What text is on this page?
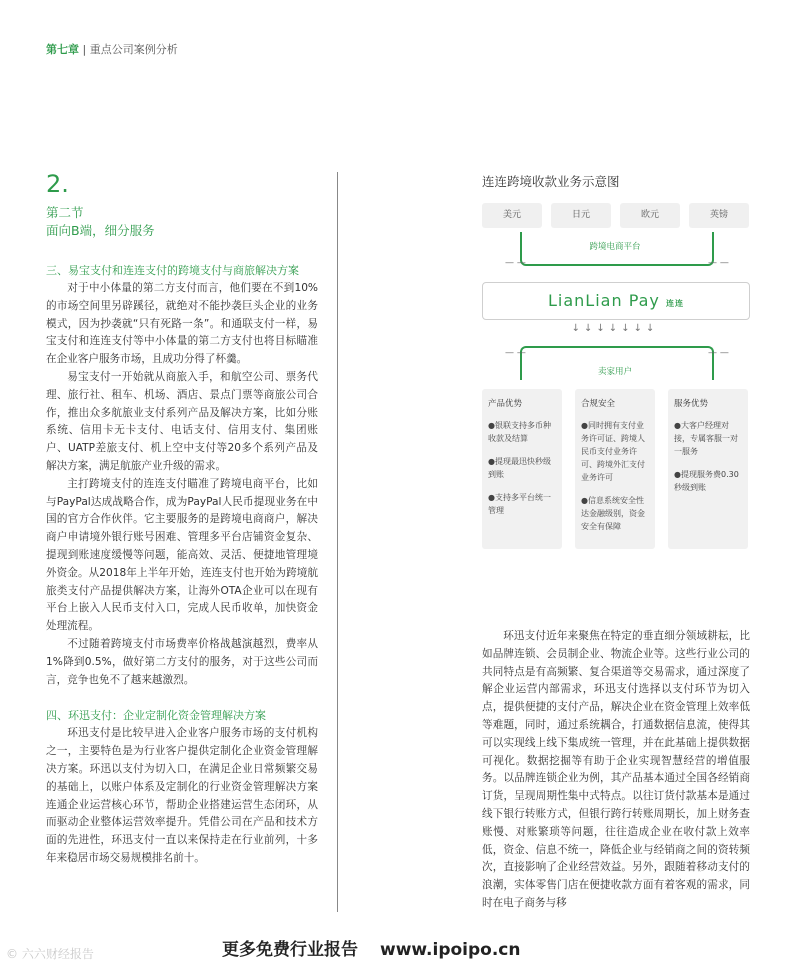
第七章 | 重点公司案例分析
2.
第二节
面向B端，细分服务
三、易宝支付和连连支付的跨境支付与商旅解决方案

对于中小体量的第二方支付而言，他们要在不到10%的市场空间里另辟蹊径，就绝对不能抄袭巨头企业的业务模式，因为抄袭就“只有死路一条”。和通联支付一样，易宝支付和连连支付等中小体量的第二方支付也将目标瞄准在企业客户服务市场，且成功分得了杯羹。

易宝支付一开始就从商旅入手，和航空公司、票务代理、旅行社、租车、机场、酒店、景点门票等商旅公司合作，推出众多航旅业支付系列产品及解决方案，比如分账系统、信用卡无卡支付、电话支付、信用支付、集团账户、UATP差旅支付、机上空中支付等20多个系列产品及解决方案，满足航旅产业升级的需求。

主打跨境支付的连连支付瞄准了跨境电商平台，比如与PayPal达成战略合作，成为PayPal人民币提现业务在中国的官方合作伙伴。它主要服务的是跨境电商商户，解决商户申请境外银行账号困难、管理多平台店铺资金复杂、提现到账速度缓慢等问题，能高效、灵活、便捷地管理境外资金。从2018年上半年开始，连连支付也开始为跨境航旅类支付产品提供解决方案，让海外OTA企业可以在现有平台上嵌入人民币支付入口，完成人民币收单，加快资金处理流程。

不过随着跨境支付市场费率价格战越演越烈，费率从1%降到0.5%，做好第二方支付的服务，对于这些公司而言，竞争也免不了越来越激烈。

四、环迅支付：企业定制化资金管理解决方案

环迅支付是比较早进入企业客户服务市场的支付机构之一，主要特色是为行业客户提供定制化企业资金管理解决方案。环迅以支付为切入口，在满足企业日常频繁交易的基础上，以账户体系及定制化的行业资金管理解决方案连通企业运营核心环节，帮助企业搭建运营生态闭环，从而驱动企业整体运营效率提升。凭借公司在产品和技术方面的先进性，环迅支付一直以来保持走在行业前列，十多年来稳居市场交易规模排名前十。

连连跨境收款业务示意图
美元	日元	欧元	英镑
跨境电商平台
— —	— —
LianLian Pay 连连
↓↓↓↓↓↓↓
卖家用户
— —	— —
产品优势
●银联支持多币种收款及结算
●提现最迅快秒级到账
●支持多平台统一管理
合规安全
●同时拥有支付业务许可证、跨境人民币支付业务许可、跨境外汇支付业务许可
●信息系统安全性达金融级别，资金安全有保障
服务优势
●大客户经理对接，专属客服一对一服务
●提现服务费0.30秒级到账

环迅支付近年来聚焦在特定的垂直细分领域耕耘，比如品牌连锁、会员制企业、物流企业等。这些行业公司的共同特点是有高频繁、复合渠道等交易需求，通过深度了解企业运营内部需求，环迅支付选择以支付环节为切入点，提供便捷的支付产品，解决企业在资金管理上效率低等难题，同时，通过系统耦合，打通数据信息流，使得其可以实现线上线下集成统一管理，并在此基础上提供数据可视化。数据挖掘等有助于企业实现智慧经营的增值服务。以品牌连锁企业为例，其产品基本通过全国各经销商订货，呈现周期性集中式特点。以往订货付款基本是通过线下银行转账方式，但银行跨行转账周期长，加上财务查账慢、对账繁琐等问题，往往造成企业在收付款上效率低，资金、信息不统一，降低企业与经销商之间的资转频次，直接影响了企业经营效益。另外，跟随着移动支付的浪潮，实体零售门店在便捷收款方面有着客观的需求，同时在电子商务与移

更多免费行业报告 www.ipoipo.cn
© 六六财经报告
